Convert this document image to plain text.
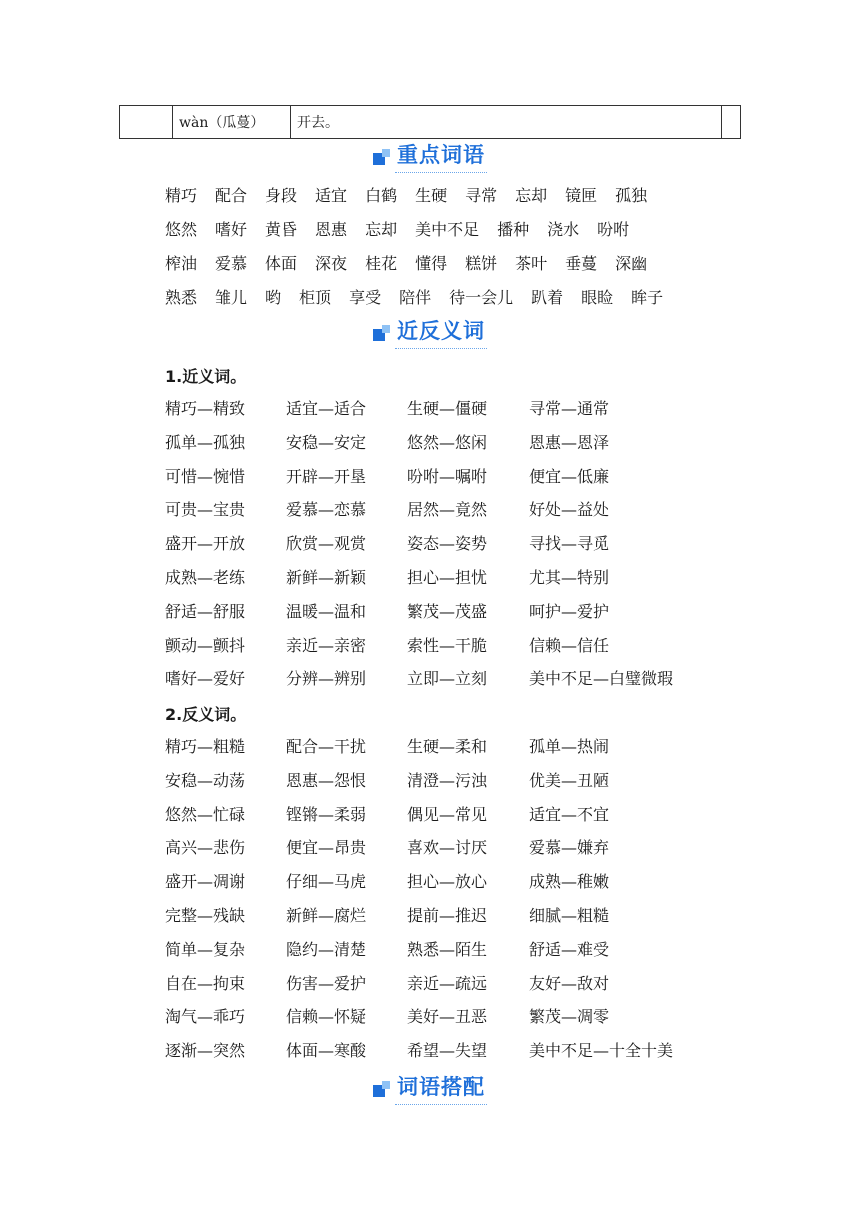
	wàn（瓜蔓）	开去。	
重点词语
精巧 配合 身段 适宜 白鹤 生硬 寻常 忘却 镜匣 孤独
悠然 嗜好 黄昏 恩惠 忘却 美中不足 播种 浇水 吩咐
榨油 爱慕 体面 深夜 桂花 懂得 糕饼 茶叶 垂蔓 深幽
熟悉 雏儿 哟 柜顶 享受 陪伴 待一会儿 趴着 眼睑 眸子
近反义词
1.近义词。
精巧—精致	适宜—适合	生硬—僵硬	寻常—通常
孤单—孤独	安稳—安定	悠然—悠闲	恩惠—恩泽
可惜—惋惜	开辟—开垦	吩咐—嘱咐	便宜—低廉
可贵—宝贵	爱慕—恋慕	居然—竟然	好处—益处
盛开—开放	欣赏—观赏	姿态—姿势	寻找—寻觅
成熟—老练	新鲜—新颖	担心—担忧	尤其—特别
舒适—舒服	温暖—温和	繁茂—茂盛	呵护—爱护
颤动—颤抖	亲近—亲密	索性—干脆	信赖—信任
嗜好—爱好	分辨—辨别	立即—立刻	美中不足—白璧微瑕
2.反义词。
精巧—粗糙	配合—干扰	生硬—柔和	孤单—热闹
安稳—动荡	恩惠—怨恨	清澄—污浊	优美—丑陋
悠然—忙碌	铿锵—柔弱	偶见—常见	适宜—不宜
高兴—悲伤	便宜—昂贵	喜欢—讨厌	爱慕—嫌弃
盛开—凋谢	仔细—马虎	担心—放心	成熟—稚嫩
完整—残缺	新鲜—腐烂	提前—推迟	细腻—粗糙
简单—复杂	隐约—清楚	熟悉—陌生	舒适—难受
自在—拘束	伤害—爱护	亲近—疏远	友好—敌对
淘气—乖巧	信赖—怀疑	美好—丑恶	繁茂—凋零
逐渐—突然	体面—寒酸	希望—失望	美中不足—十全十美
词语搭配
